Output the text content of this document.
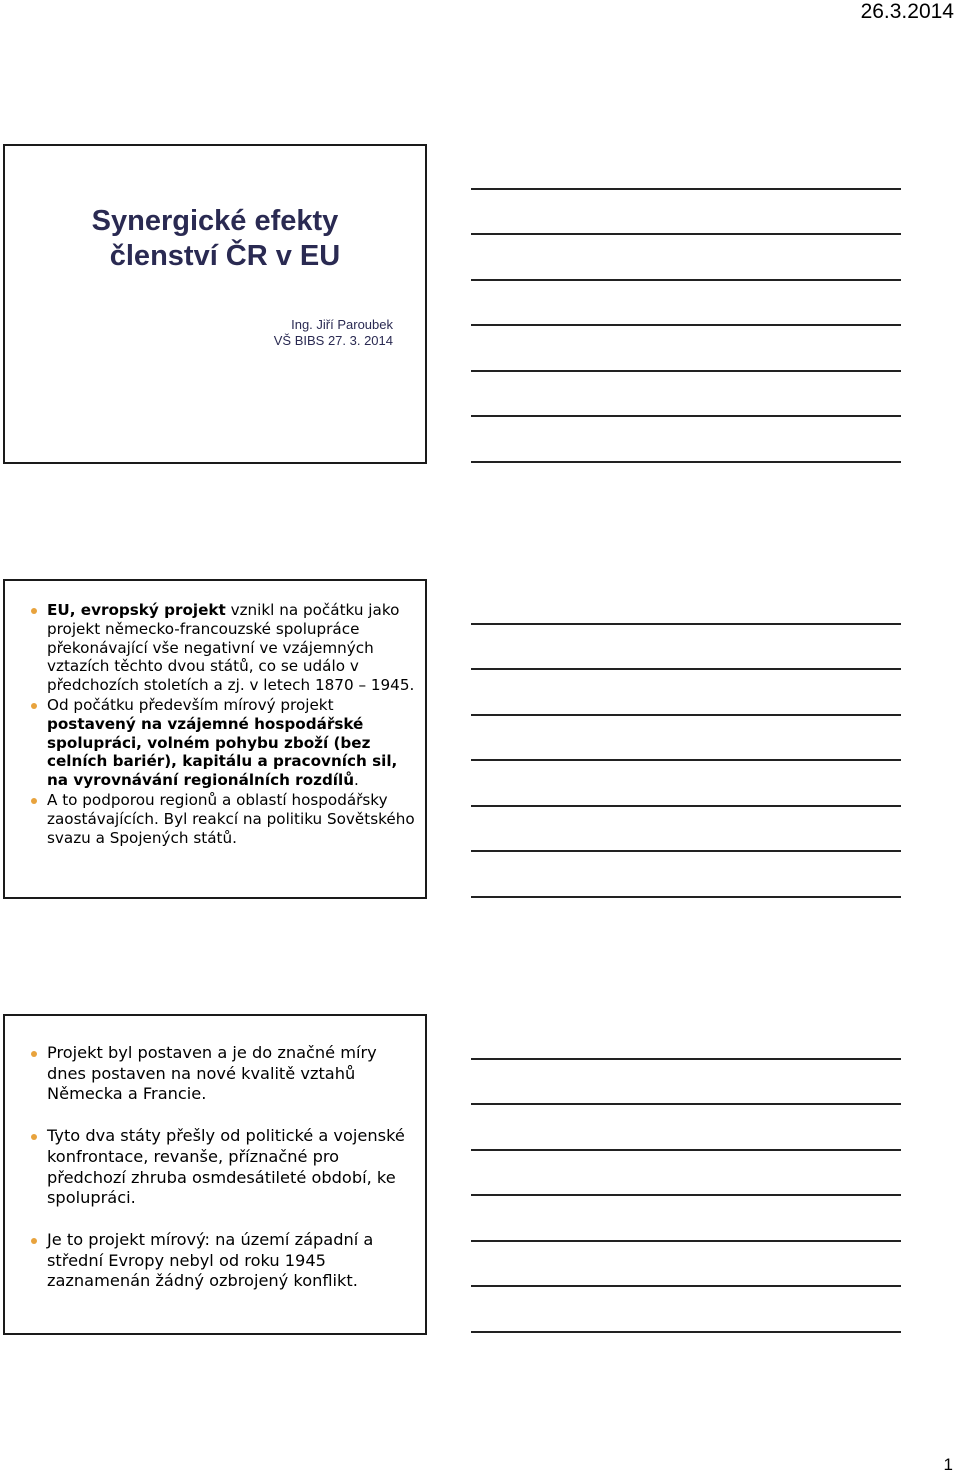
26.3.2014
Synergické efekty
členství ČR v EU
Ing. Jiří Paroubek
VŠ BIBS 27. 3. 2014
EU, evropský projekt vznikl na počátku jako projekt německo-francouzské spolupráce překonávající vše negativní ve vzájemných vztazích těchto dvou států, co se událo v předchozích stoletích a zj. v letech 1870 – 1945.
Od počátku především mírový projekt postavený na vzájemné hospodářské spolupráci, volném pohybu zboží (bez celních bariér), kapitálu a pracovních sil, na vyrovnávání regionálních rozdílů.
A to podporou regionů a oblastí hospodářsky zaostávajících. Byl reakcí na politiku Sovětského svazu a Spojených států.
Projekt byl postaven a je do značné míry dnes postaven na nové kvalitě vztahů Německa a Francie.
Tyto dva státy přešly od politické a vojenské konfrontace, revanše, příznačné pro předchozí zhruba osmdesátileté období, ke spolupráci.
Je to projekt mírový: na území západní a střední Evropy nebyl od roku 1945 zaznamenán žádný ozbrojený konflikt.
1
